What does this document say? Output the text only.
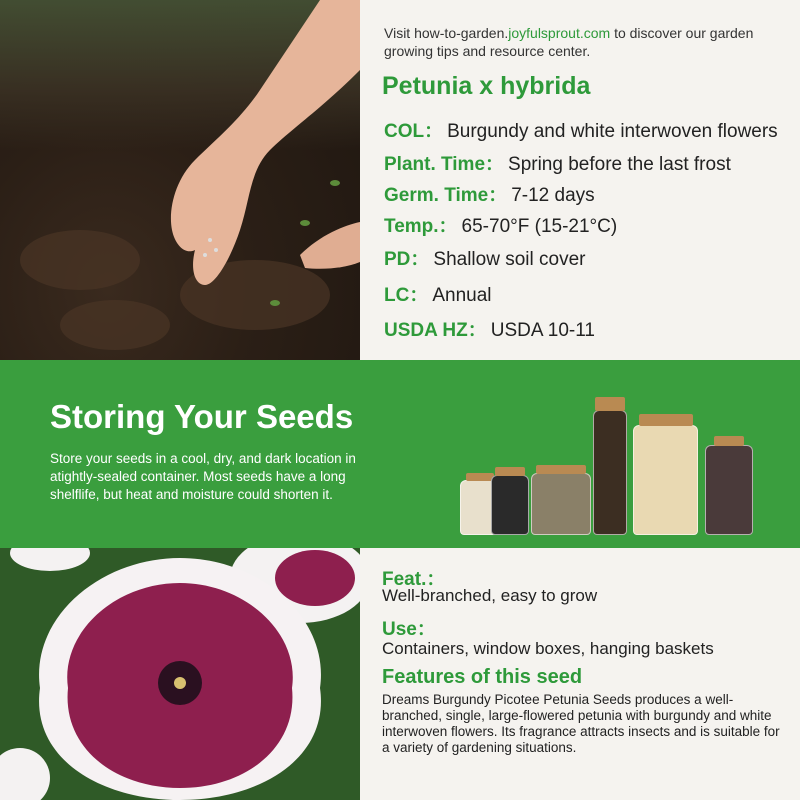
Visit how-to-garden.joyfulsprout.com to discover our garden growing tips and resource center.
Petunia x hybrida
COL： Burgundy and white interwoven flowers
Plant. Time： Spring before the last frost
Germ. Time： 7-12 days
Temp.： 65-70°F (15-21°C)
PD： Shallow soil cover
LC： Annual
USDA HZ： USDA 10-11
Storing Your Seeds
Store your seeds in a cool, dry, and dark location in atightly-sealed container. Most seeds have a long shelflife, but heat and moisture could shorten it.
Feat.：
Well-branched, easy to grow
Use：
Containers, window boxes, hanging baskets
Features of this seed
Dreams Burgundy Picotee Petunia Seeds produces a well-branched, single, large-flowered petunia with burgundy and white interwoven flowers. Its fragrance attracts insects and is suitable for a variety of gardening situations.
